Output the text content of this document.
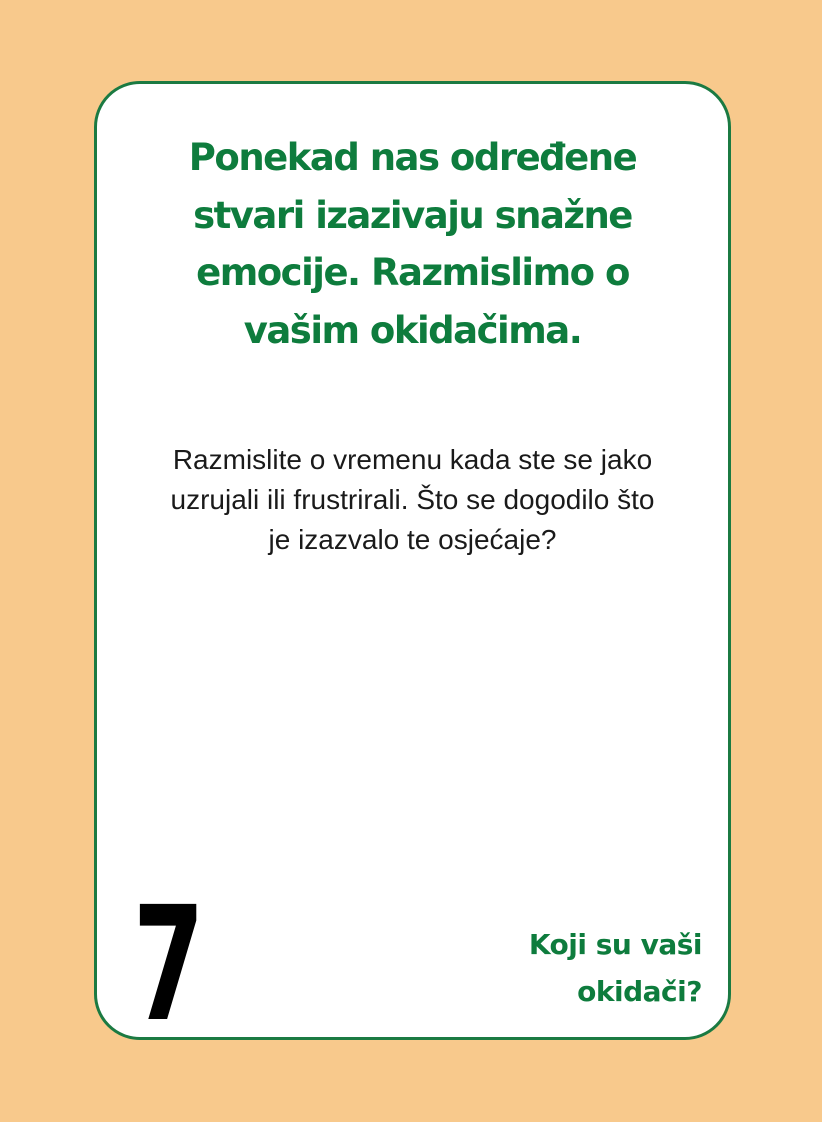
Ponekad nas određene
stvari izazivaju snažne
emocije. Razmislimo o
vašim okidačima.
Razmislite o vremenu kada ste se jako
uzrujali ili frustrirali. Što se dogodilo što
je izazvalo te osjećaje?
7	Koji su vaši
okidači?
